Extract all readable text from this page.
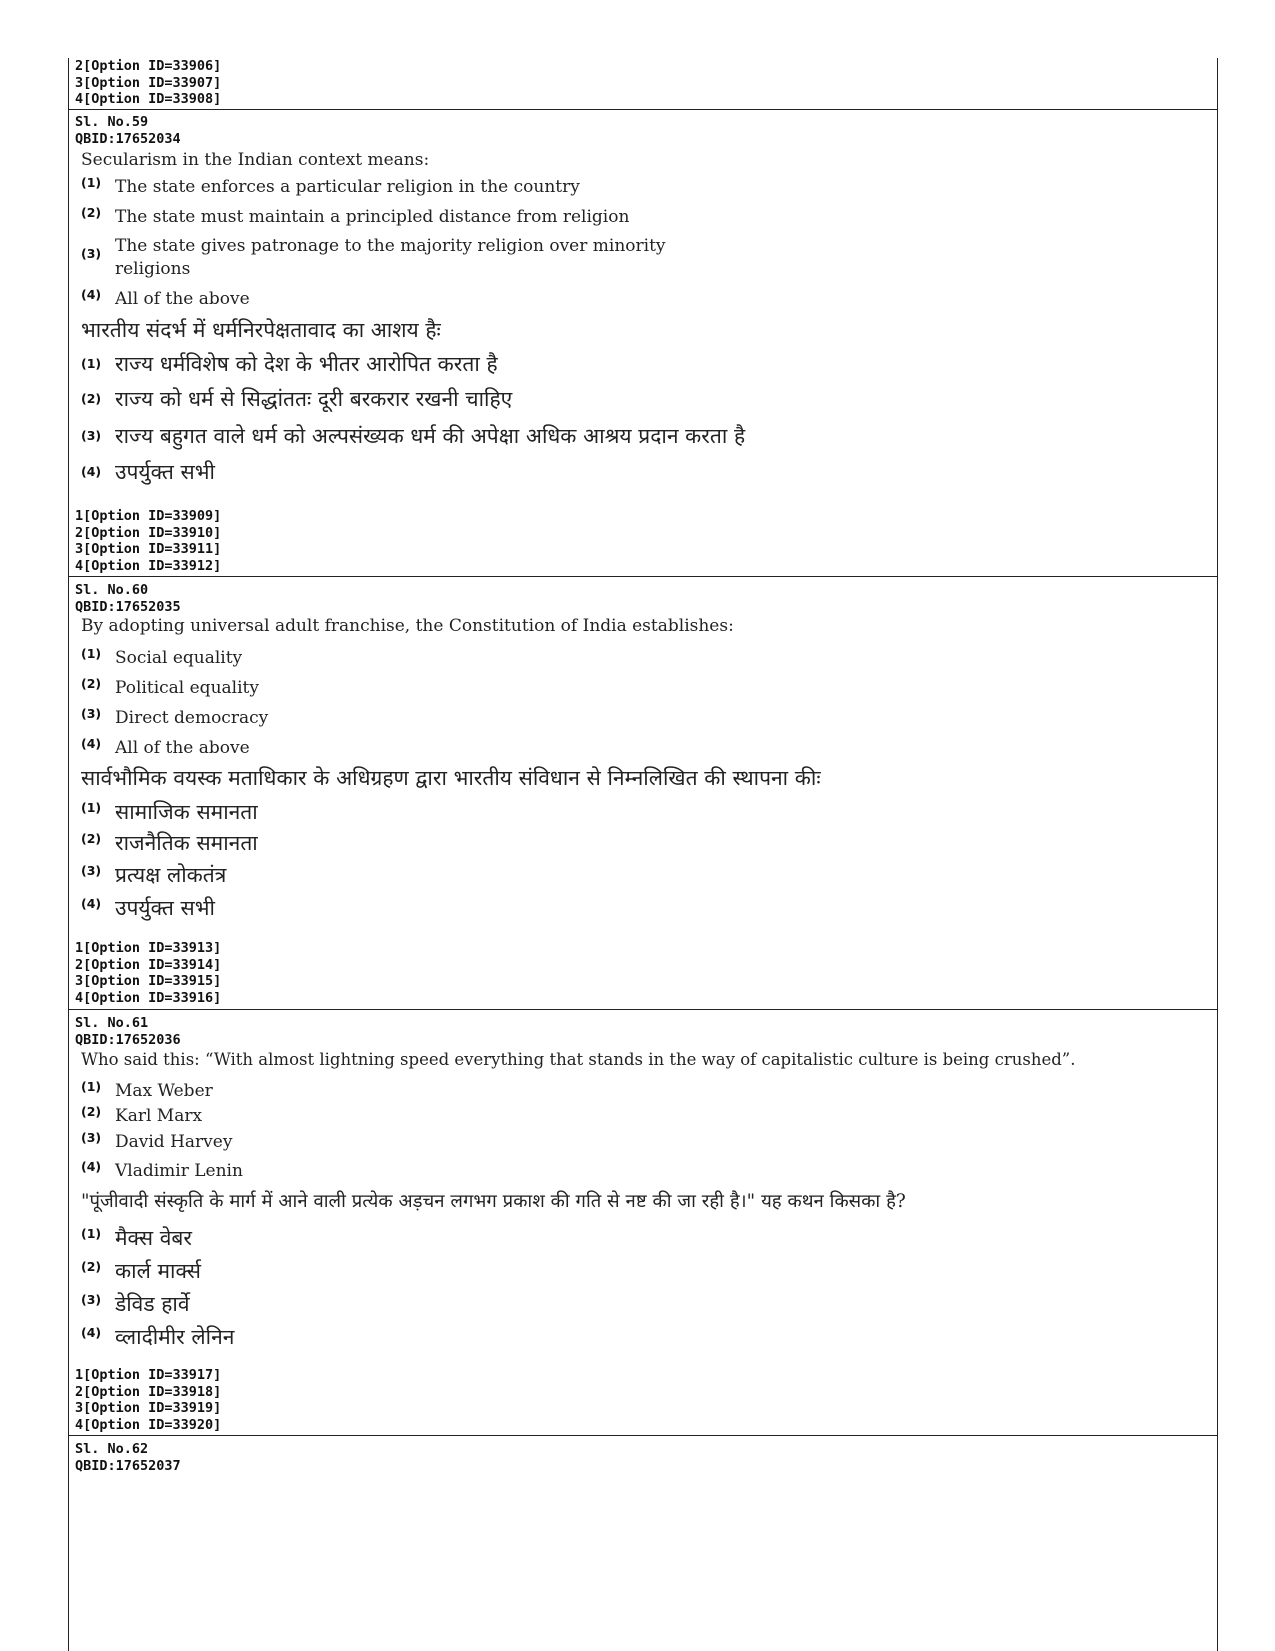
2[Option ID=33906]
3[Option ID=33907]
4[Option ID=33908]
Sl. No.59
QBID:17652034
Secularism in the Indian context means:
(1) The state enforces a particular religion in the country
(2) The state must maintain a principled distance from religion
(3) The state gives patronage to the majority religion over minority
religions
(4) All of the above
भारतीय संदर्भ में धर्मनिरपेक्षतावाद का आशय हैः
(1) राज्य धर्मविशेष को देश के भीतर आरोपित करता है
(2) राज्य को धर्म से सिद्धांततः दूरी बरकरार रखनी चाहिए
(3) राज्य बहुगत वाले धर्म को अल्पसंख्यक धर्म की अपेक्षा अधिक आश्रय प्रदान करता है
(4) उपर्युक्त सभी
1[Option ID=33909]
2[Option ID=33910]
3[Option ID=33911]
4[Option ID=33912]
Sl. No.60
QBID:17652035
By adopting universal adult franchise, the Constitution of India establishes:
(1) Social equality
(2) Political equality
(3) Direct democracy
(4) All of the above
सार्वभौमिक वयस्क मताधिकार के अधिग्रहण द्वारा भारतीय संविधान से निम्नलिखित की स्थापना कीः
(1) सामाजिक समानता
(2) राजनैतिक समानता
(3) प्रत्यक्ष लोकतंत्र
(4) उपर्युक्त सभी
1[Option ID=33913]
2[Option ID=33914]
3[Option ID=33915]
4[Option ID=33916]
Sl. No.61
QBID:17652036
Who said this: “With almost lightning speed everything that stands in the way of capitalistic culture is being crushed”.
(1) Max Weber
(2) Karl Marx
(3) David Harvey
(4) Vladimir Lenin
"पूंजीवादी संस्कृति के मार्ग में आने वाली प्रत्येक अड़चन लगभग प्रकाश की गति से नष्ट की जा रही है।" यह कथन किसका है?
(1) मैक्स वेबर
(2) कार्ल मार्क्स
(3) डेविड हार्वे
(4) व्लादीमीर लेनिन
1[Option ID=33917]
2[Option ID=33918]
3[Option ID=33919]
4[Option ID=33920]
Sl. No.62
QBID:17652037
